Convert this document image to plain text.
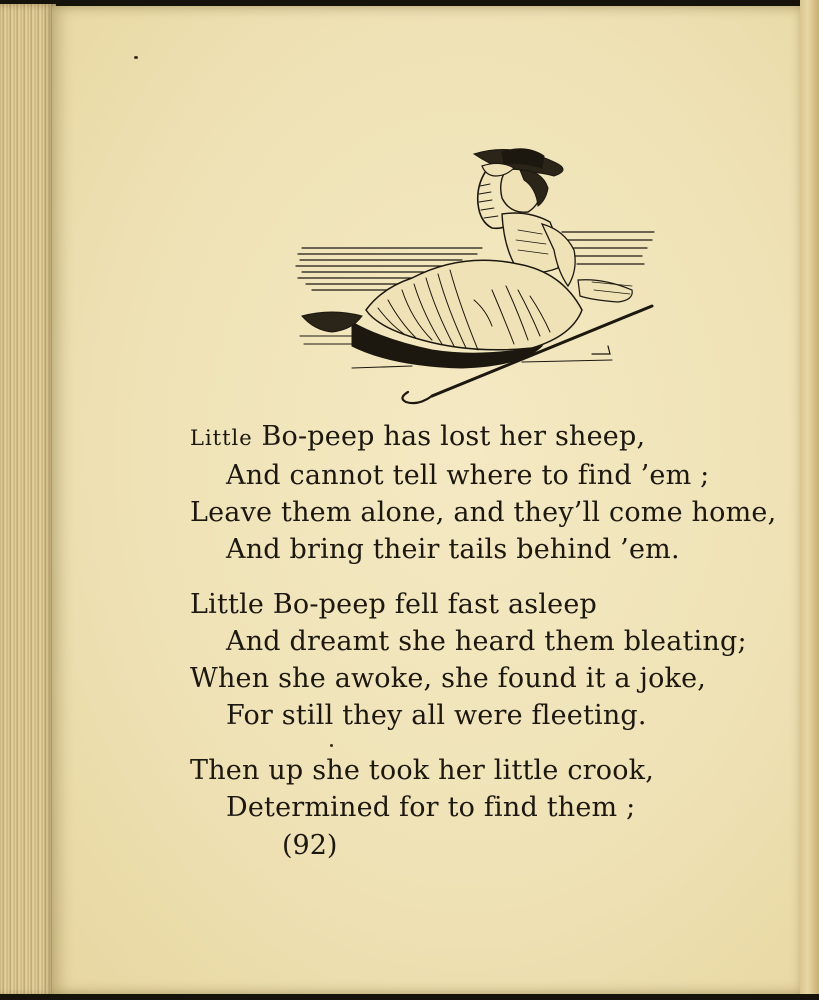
Little Bo-peep has lost her sheep,
And cannot tell where to find ’em ;
Leave them alone, and they’ll come home,
And bring their tails behind ’em.
Little Bo-peep fell fast asleep
And dreamt she heard them bleating;
When she awoke, she found it a joke,
For still they all were fleeting.
Then up she took her little crook,
Determined for to find them ;
(92)
